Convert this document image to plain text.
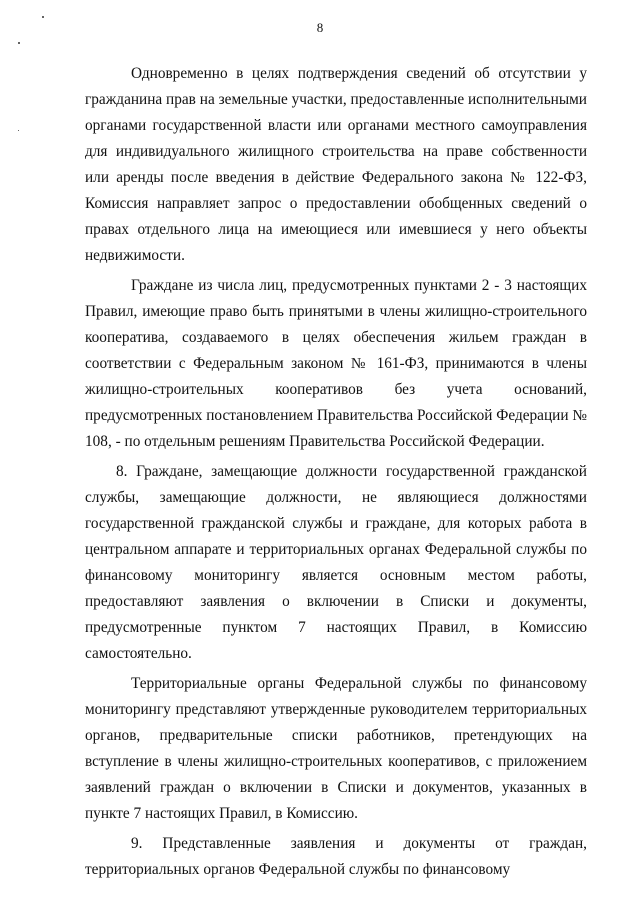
8

Одновременно в целях подтверждения сведений об отсутствии у гражданина прав на земельные участки, предоставленные исполнительными органами государственной власти или органами местного самоуправления для индивидуального жилищного строительства на праве собственности или аренды после введения в действие Федерального закона № 122-ФЗ, Комиссия направляет запрос о предоставлении обобщенных сведений о правах отдельного лица на имеющиеся или имевшиеся у него объекты недвижимости.

Граждане из числа лиц, предусмотренных пунктами 2 - 3 настоящих Правил, имеющие право быть принятыми в члены жилищно-строительного кооператива, создаваемого в целях обеспечения жильем граждан в соответствии с Федеральным законом № 161-ФЗ, принимаются в члены жилищно-строительных кооперативов без учета оснований, предусмотренных постановлением Правительства Российской Федерации № 108, - по отдельным решениям Правительства Российской Федерации.

8. Граждане, замещающие должности государственной гражданской службы, замещающие должности, не являющиеся должностями государственной гражданской службы и граждане, для которых работа в центральном аппарате и территориальных органах Федеральной службы по финансовому мониторингу является основным местом работы, предоставляют заявления о включении в Списки и документы, предусмотренные пунктом 7 настоящих Правил, в Комиссию самостоятельно.

Территориальные органы Федеральной службы по финансовому мониторингу представляют утвержденные руководителем территориальных органов, предварительные списки работников, претендующих на вступление в члены жилищно-строительных кооперативов, с приложением заявлений граждан о включении в Списки и документов, указанных в пункте 7 настоящих Правил, в Комиссию.

9. Представленные заявления и документы от граждан, территориальных органов Федеральной службы по финансовому
